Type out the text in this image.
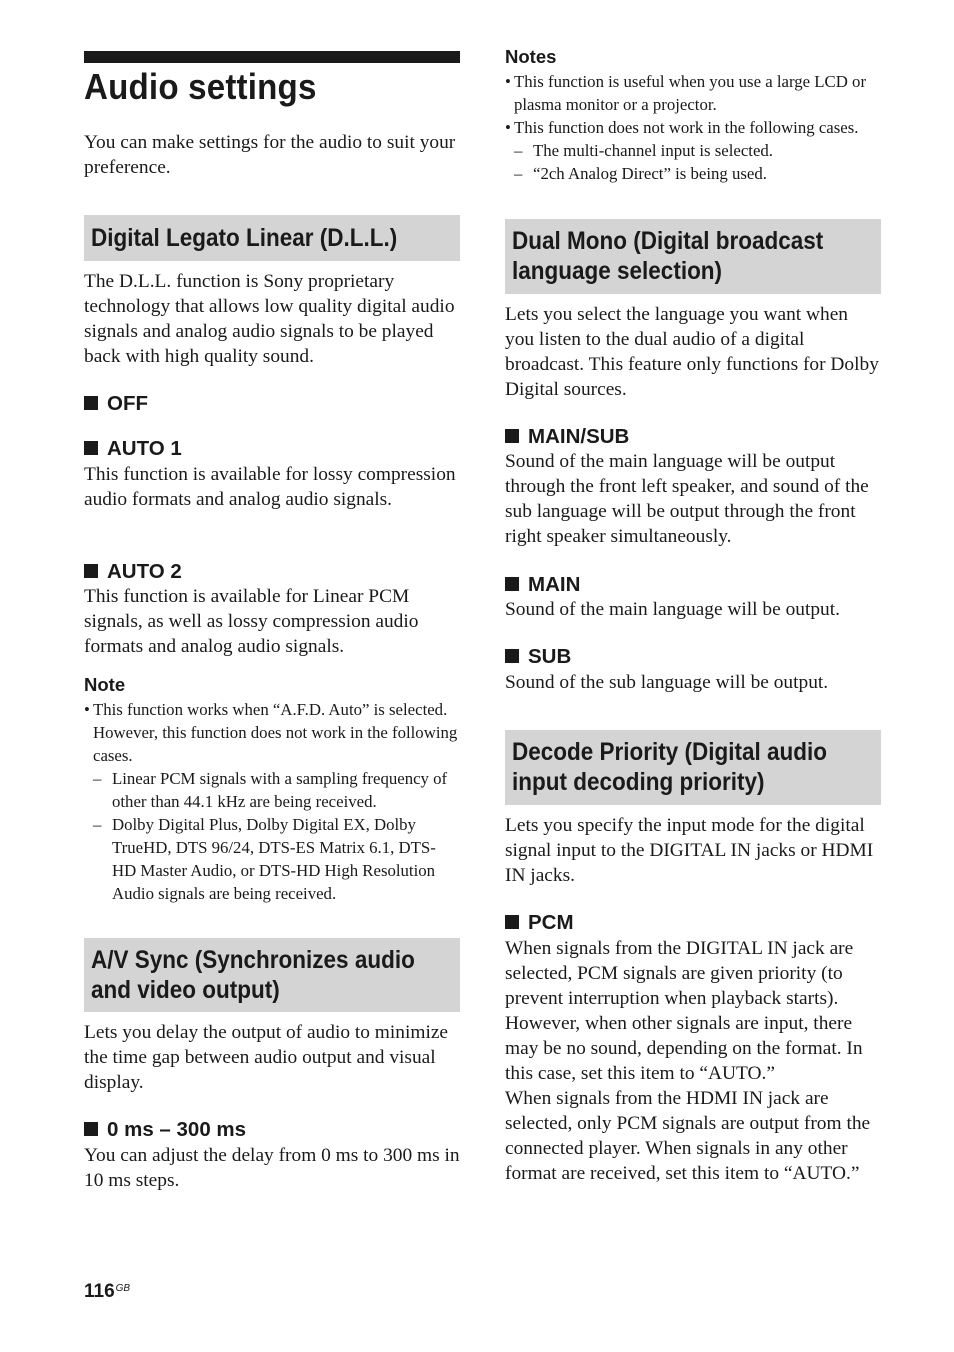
Audio settings
You can make settings for the audio to suit your preference.
Digital Legato Linear (D.L.L.)
The D.L.L. function is Sony proprietary technology that allows low quality digital audio signals and analog audio signals to be played back with high quality sound.
OFF
AUTO 1
This function is available for lossy compression audio formats and analog audio signals.
AUTO 2
This function is available for Linear PCM signals, as well as lossy compression audio formats and analog audio signals.
Note
• This function works when “A.F.D. Auto” is selected. However, this function does not work in the following cases.
– Linear PCM signals with a sampling frequency of other than 44.1 kHz are being received.
– Dolby Digital Plus, Dolby Digital EX, Dolby TrueHD, DTS 96/24, DTS-ES Matrix 6.1, DTS-HD Master Audio, or DTS-HD High Resolution Audio signals are being received.
A/V Sync (Synchronizes audio
and video output)
Lets you delay the output of audio to minimize the time gap between audio output and visual display.
0 ms – 300 ms
You can adjust the delay from 0 ms to 300 ms in 10 ms steps.
$116^{GB}$
Notes
• This function is useful when you use a large LCD or plasma monitor or a projector.
• This function does not work in the following cases.
– The multi-channel input is selected.
– “2ch Analog Direct” is being used.
Dual Mono (Digital broadcast
language selection)
Lets you select the language you want when you listen to the dual audio of a digital broadcast. This feature only functions for Dolby Digital sources.
MAIN/SUB
Sound of the main language will be output through the front left speaker, and sound of the sub language will be output through the front right speaker simultaneously.
MAIN
Sound of the main language will be output.
SUB
Sound of the sub language will be output.
Decode Priority (Digital audio
input decoding priority)
Lets you specify the input mode for the digital signal input to the DIGITAL IN jacks or HDMI IN jacks.
PCM
When signals from the DIGITAL IN jack are selected, PCM signals are given priority (to prevent interruption when playback starts). However, when other signals are input, there may be no sound, depending on the format. In this case, set this item to “AUTO.”
When signals from the HDMI IN jack are selected, only PCM signals are output from the connected player. When signals in any other format are received, set this item to “AUTO.”
